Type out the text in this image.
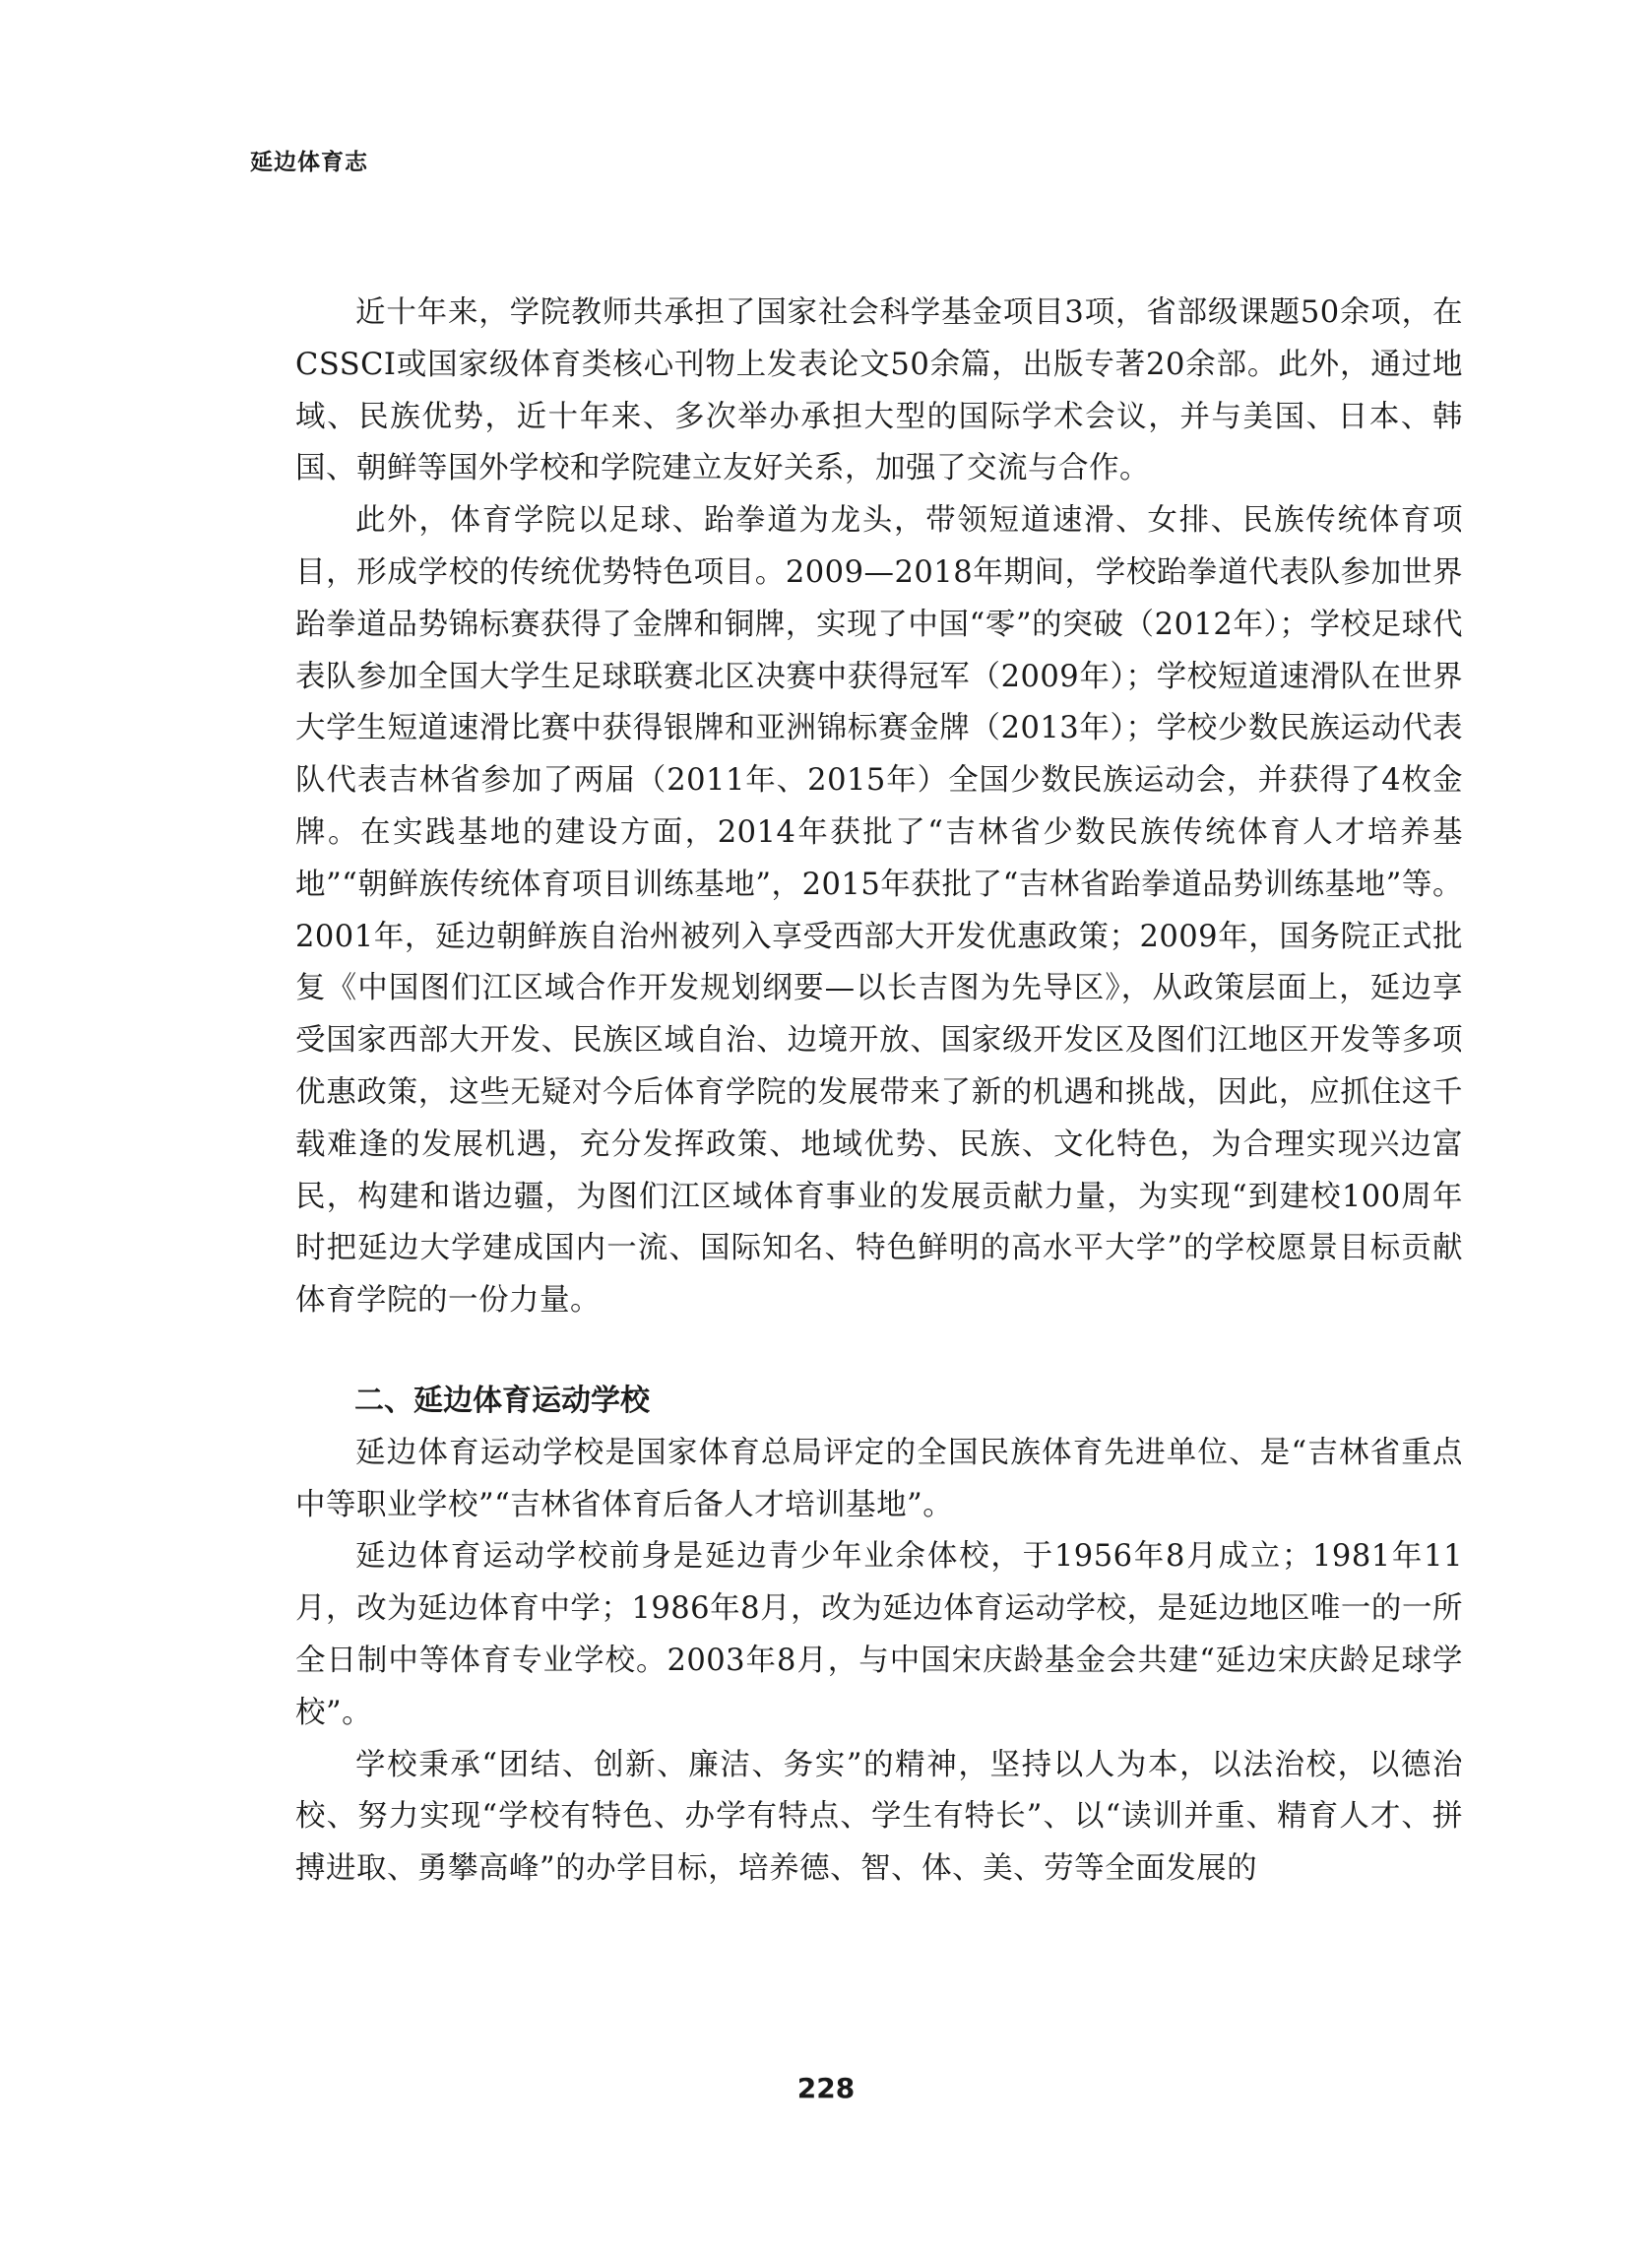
延边体育志

近十年来，学院教师共承担了国家社会科学基金项目3项，省部级课题50余项，在CSSCI或国家级体育类核心刊物上发表论文50余篇，出版专著20余部。此外，通过地域、民族优势，近十年来、多次举办承担大型的国际学术会议，并与美国、日本、韩国、朝鲜等国外学校和学院建立友好关系，加强了交流与合作。

此外，体育学院以足球、跆拳道为龙头，带领短道速滑、女排、民族传统体育项目，形成学校的传统优势特色项目。2009—2018年期间，学校跆拳道代表队参加世界跆拳道品势锦标赛获得了金牌和铜牌，实现了中国“零”的突破（2012年）；学校足球代表队参加全国大学生足球联赛北区决赛中获得冠军（2009年）；学校短道速滑队在世界大学生短道速滑比赛中获得银牌和亚洲锦标赛金牌（2013年）；学校少数民族运动代表队代表吉林省参加了两届（2011年、2015年）全国少数民族运动会，并获得了4枚金牌。在实践基地的建设方面，2014年获批了“吉林省少数民族传统体育人才培养基地”“朝鲜族传统体育项目训练基地”，2015年获批了“吉林省跆拳道品势训练基地”等。2001年，延边朝鲜族自治州被列入享受西部大开发优惠政策；2009年，国务院正式批复《中国图们江区域合作开发规划纲要—以长吉图为先导区》，从政策层面上，延边享受国家西部大开发、民族区域自治、边境开放、国家级开发区及图们江地区开发等多项优惠政策，这些无疑对今后体育学院的发展带来了新的机遇和挑战，因此，应抓住这千载难逢的发展机遇，充分发挥政策、地域优势、民族、文化特色，为合理实现兴边富民，构建和谐边疆，为图们江区域体育事业的发展贡献力量，为实现“到建校100周年时把延边大学建成国内一流、国际知名、特色鲜明的高水平大学”的学校愿景目标贡献体育学院的一份力量。

二、延边体育运动学校

延边体育运动学校是国家体育总局评定的全国民族体育先进单位、是“吉林省重点中等职业学校”“吉林省体育后备人才培训基地”。

延边体育运动学校前身是延边青少年业余体校，于1956年8月成立；1981年11月，改为延边体育中学；1986年8月，改为延边体育运动学校，是延边地区唯一的一所全日制中等体育专业学校。2003年8月，与中国宋庆龄基金会共建“延边宋庆龄足球学校”。

学校秉承“团结、创新、廉洁、务实”的精神，坚持以人为本，以法治校，以德治校、努力实现“学校有特色、办学有特点、学生有特长”、以“读训并重、精育人才、拼搏进取、勇攀高峰”的办学目标，培养德、智、体、美、劳等全面发展的

228
